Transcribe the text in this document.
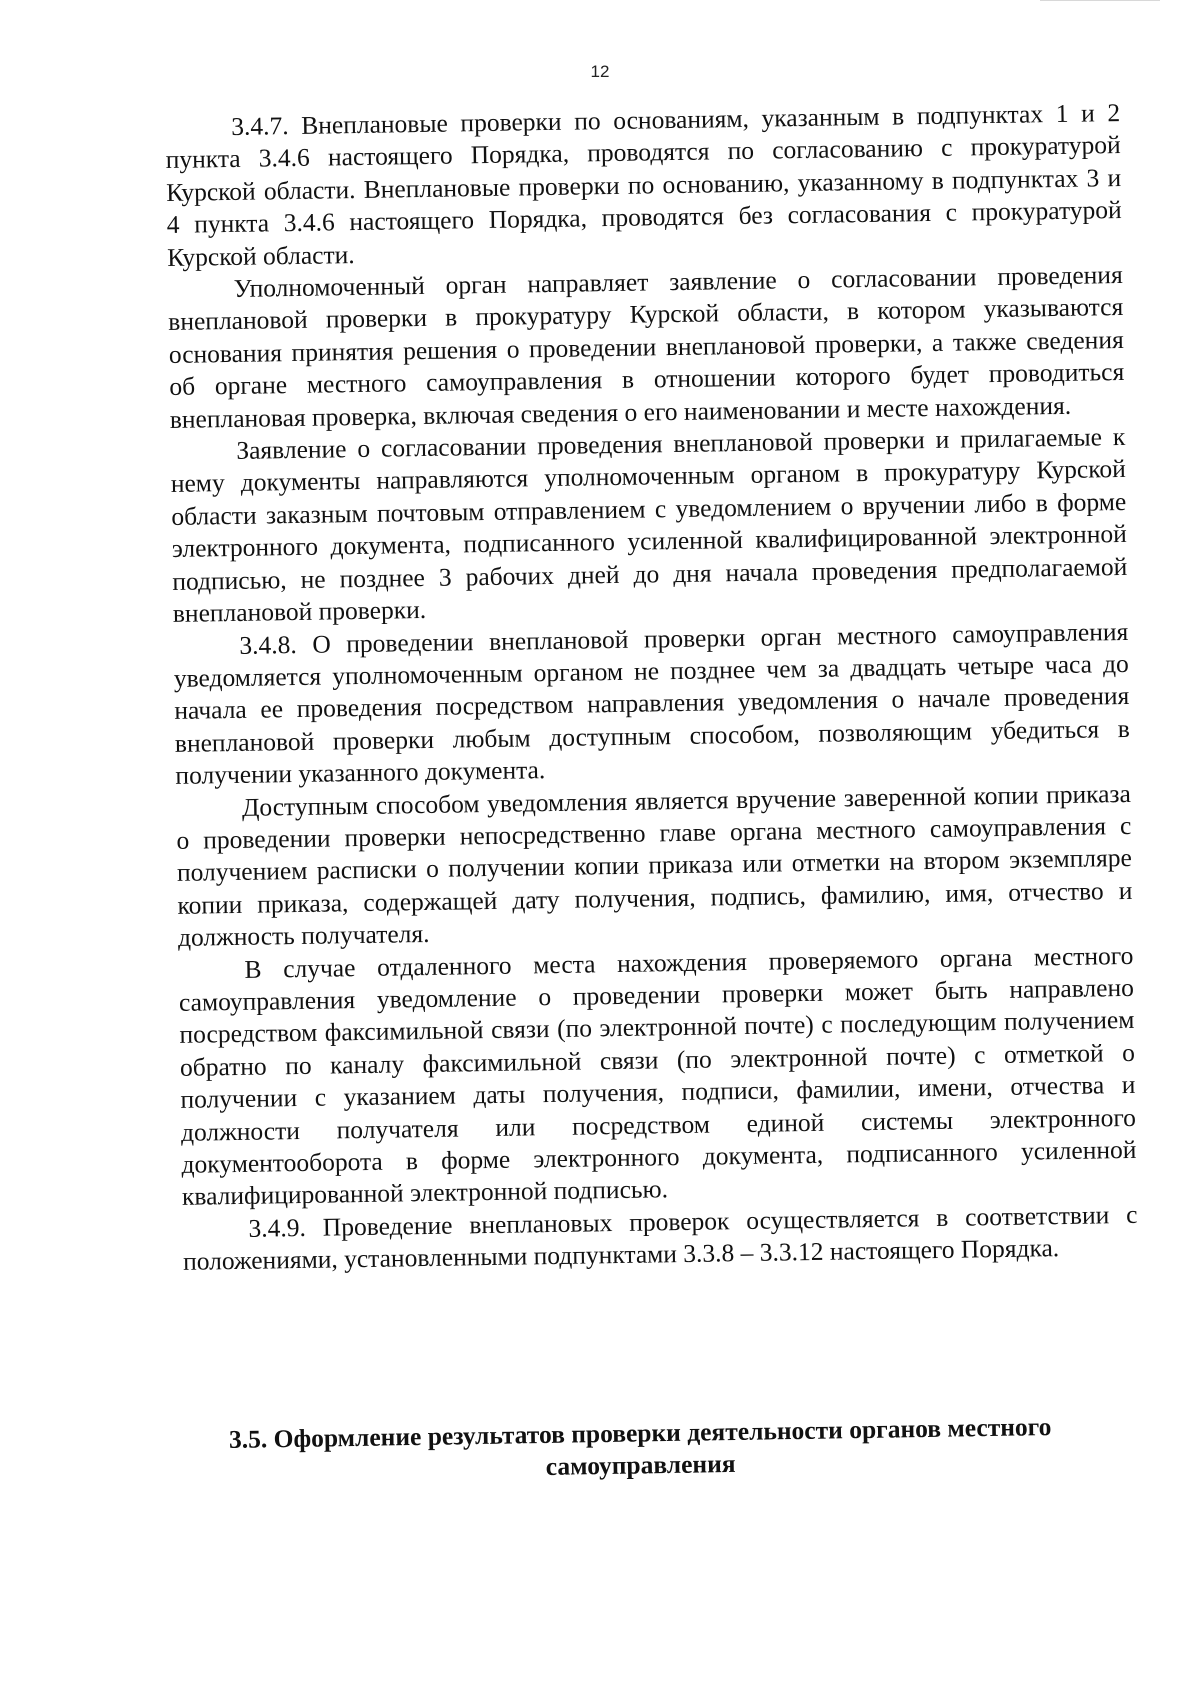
12

3.4.7. Внеплановые проверки по основаниям, указанным в подпунктах 1 и 2 пункта 3.4.6 настоящего Порядка, проводятся по согласованию с прокуратурой Курской области. Внеплановые проверки по основанию, указанному в подпунктах 3 и 4 пункта 3.4.6 настоящего Порядка, проводятся без согласования с прокуратурой Курской области.

Уполномоченный орган направляет заявление о согласовании проведения внеплановой проверки в прокуратуру Курской области, в котором указываются основания принятия решения о проведении внеплановой проверки, а также сведения об органе местного самоуправления в отношении которого будет проводиться внеплановая проверка, включая сведения о его наименовании и месте нахождения.

Заявление о согласовании проведения внеплановой проверки и прилагаемые к нему документы направляются уполномоченным органом в прокуратуру Курской области заказным почтовым отправлением с уведомлением о вручении либо в форме электронного документа, подписанного усиленной квалифицированной электронной подписью, не позднее 3 рабочих дней до дня начала проведения предполагаемой внеплановой проверки.

3.4.8. О проведении внеплановой проверки орган местного самоуправления уведомляется уполномоченным органом не позднее чем за двадцать четыре часа до начала ее проведения посредством направления уведомления о начале проведения внеплановой проверки любым доступным способом, позволяющим убедиться в получении указанного документа.

Доступным способом уведомления является вручение заверенной копии приказа о проведении проверки непосредственно главе органа местного самоуправления с получением расписки о получении копии приказа или отметки на втором экземпляре копии приказа, содержащей дату получения, подпись, фамилию, имя, отчество и должность получателя.

В случае отдаленного места нахождения проверяемого органа местного самоуправления уведомление о проведении проверки может быть направлено посредством факсимильной связи (по электронной почте) с последующим получением обратно по каналу факсимильной связи (по электронной почте) с отметкой о получении с указанием даты получения, подписи, фамилии, имени, отчества и должности получателя или посредством единой системы электронного документооборота в форме электронного документа, подписанного усиленной квалифицированной электронной подписью.

3.4.9. Проведение внеплановых проверок осуществляется в соответствии с положениями, установленными подпунктами 3.3.8 – 3.3.12 настоящего Порядка.

3.5. Оформление результатов проверки деятельности органов местного
самоуправления
